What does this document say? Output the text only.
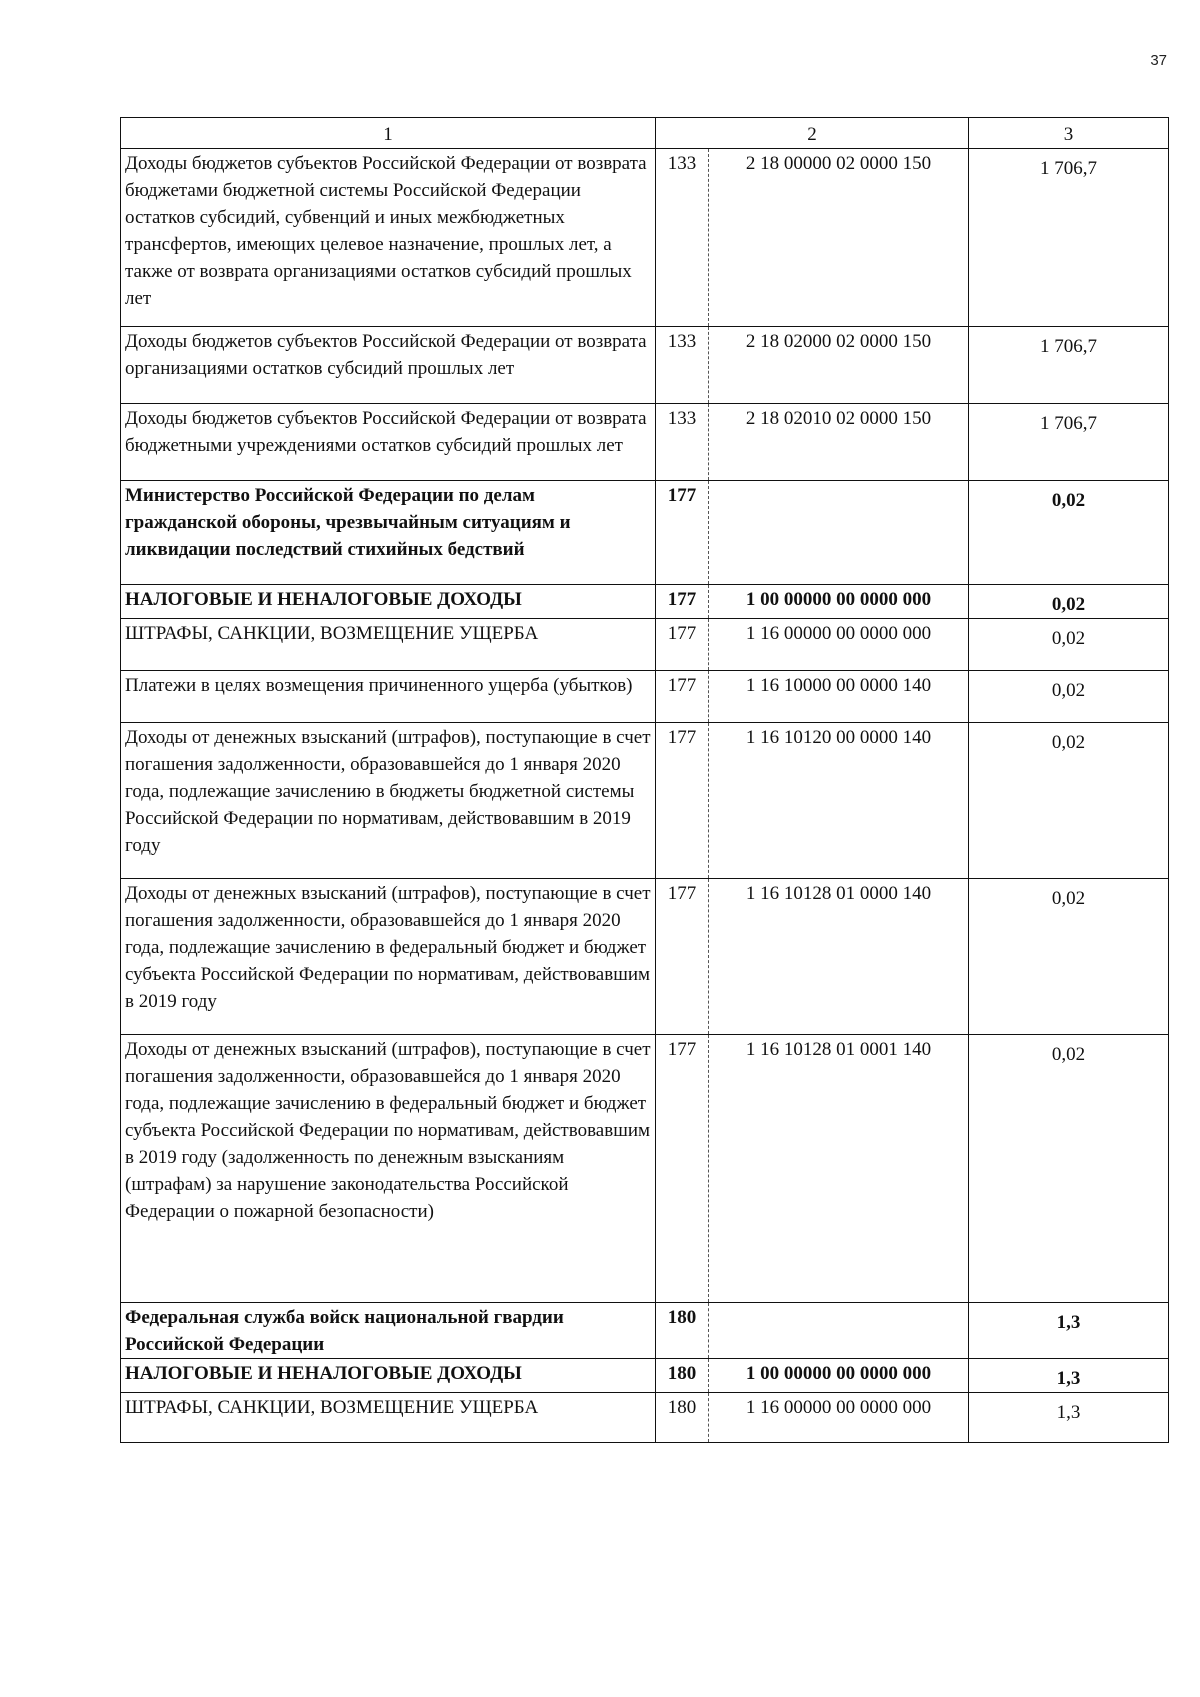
37
1	2		3
Доходы бюджетов субъектов Российской Федерации от возврата бюджетами бюджетной системы Российской Федерации остатков субсидий, субвенций и иных межбюджетных трансфертов, имеющих целевое назначение, прошлых лет, а также от возврата организациями остатков субсидий прошлых лет	133	2 18 00000 02 0000 150	1 706,7
Доходы бюджетов субъектов Российской Федерации от возврата организациями остатков субсидий прошлых лет	133	2 18 02000 02 0000 150	1 706,7
Доходы бюджетов субъектов Российской Федерации от возврата бюджетными учреждениями остатков субсидий прошлых лет	133	2 18 02010 02 0000 150	1 706,7
Министерство Российской Федерации по делам гражданской обороны, чрезвычайным ситуациям и ликвидации последствий стихийных бедствий	177		0,02
НАЛОГОВЫЕ И НЕНАЛОГОВЫЕ ДОХОДЫ	177	1 00 00000 00 0000 000	0,02
ШТРАФЫ, САНКЦИИ, ВОЗМЕЩЕНИЕ УЩЕРБА	177	1 16 00000 00 0000 000	0,02
Платежи в целях возмещения причиненного ущерба (убытков)	177	1 16 10000 00 0000 140	0,02
Доходы от денежных взысканий (штрафов), поступающие в счет погашения задолженности, образовавшейся до 1 января 2020 года, подлежащие зачислению в бюджеты бюджетной системы Российской Федерации по нормативам, действовавшим в 2019 году	177	1 16 10120 00 0000 140	0,02
Доходы от денежных взысканий (штрафов), поступающие в счет погашения задолженности, образовавшейся до 1 января 2020 года, подлежащие зачислению в федеральный бюджет и бюджет субъекта Российской Федерации по нормативам, действовавшим в 2019 году	177	1 16 10128 01 0000 140	0,02
Доходы от денежных взысканий (штрафов), поступающие в счет погашения задолженности, образовавшейся до 1 января 2020 года, подлежащие зачислению в федеральный бюджет и бюджет субъекта Российской Федерации по нормативам, действовавшим в 2019 году (задолженность по денежным взысканиям (штрафам) за нарушение законодательства Российской Федерации о пожарной безопасности)	177	1 16 10128 01 0001 140	0,02
Федеральная служба войск национальной гвардии Российской Федерации	180		1,3
НАЛОГОВЫЕ И НЕНАЛОГОВЫЕ ДОХОДЫ	180	1 00 00000 00 0000 000	1,3
ШТРАФЫ, САНКЦИИ, ВОЗМЕЩЕНИЕ УЩЕРБА	180	1 16 00000 00 0000 000	1,3
